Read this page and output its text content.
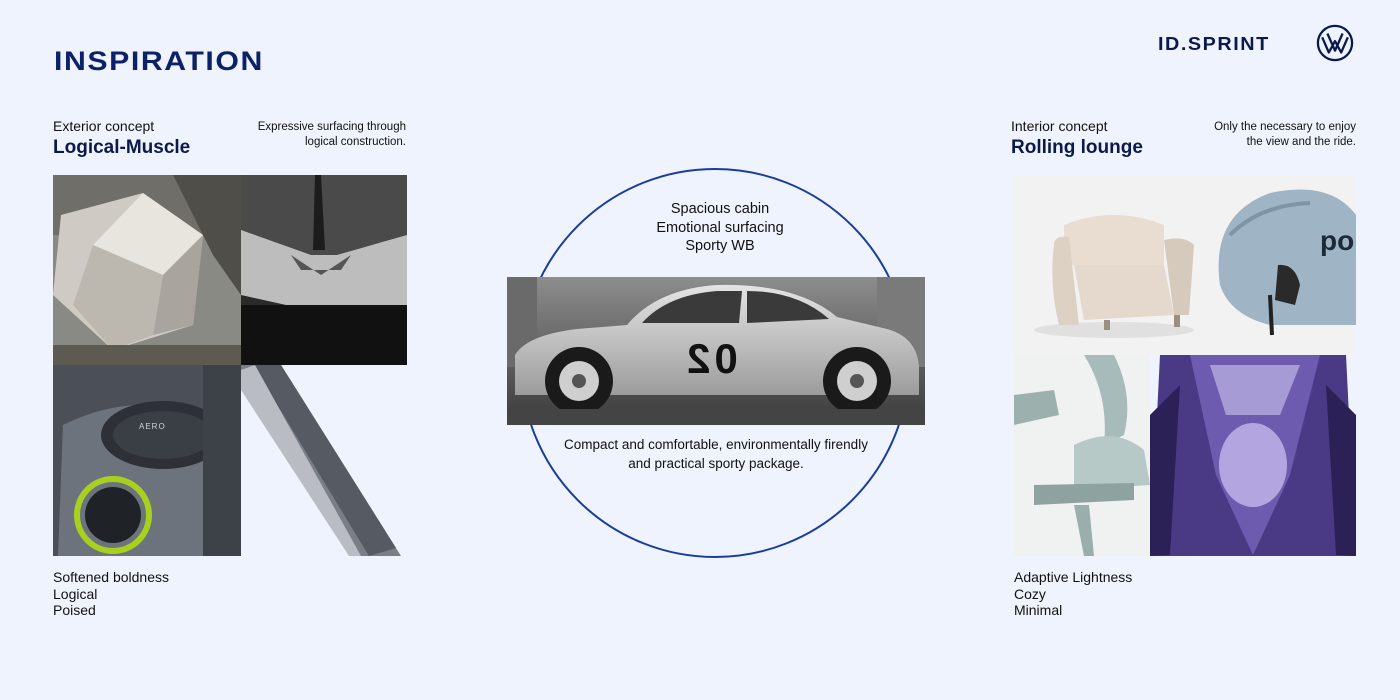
INSPIRATION
ID.SPRINT
Exterior concept
Logical-Muscle
Expressive surfacing through
logical construction.
AERO
Softened boldness
Logical
Poised
Spacious cabin
Emotional surfacing
Sporty WB
02
Compact and comfortable, environmentally firendly
and practical sporty package.
Interior concept
Rolling lounge
Only the necessary to enjoy
the view and the ride.
po
Adaptive Lightness
Cozy
Minimal
